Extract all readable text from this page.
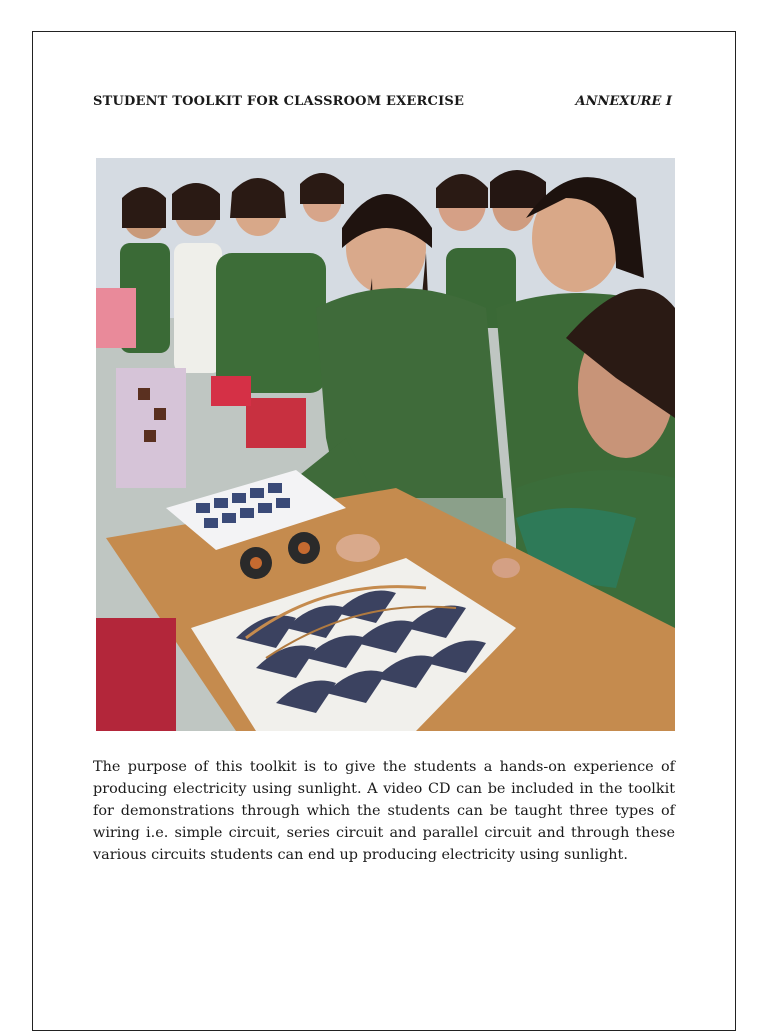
STUDENT TOOLKIT FOR CLASSROOM EXERCISE	ANNEXURE I
The purpose of this toolkit is to give the students a hands-on experience of producing electricity using sunlight. A video CD can be included in the toolkit for demonstrations through which the students can be taught three types of wiring i.e. simple circuit, series circuit and parallel circuit and through these various circuits students can end up producing electricity using sunlight.
